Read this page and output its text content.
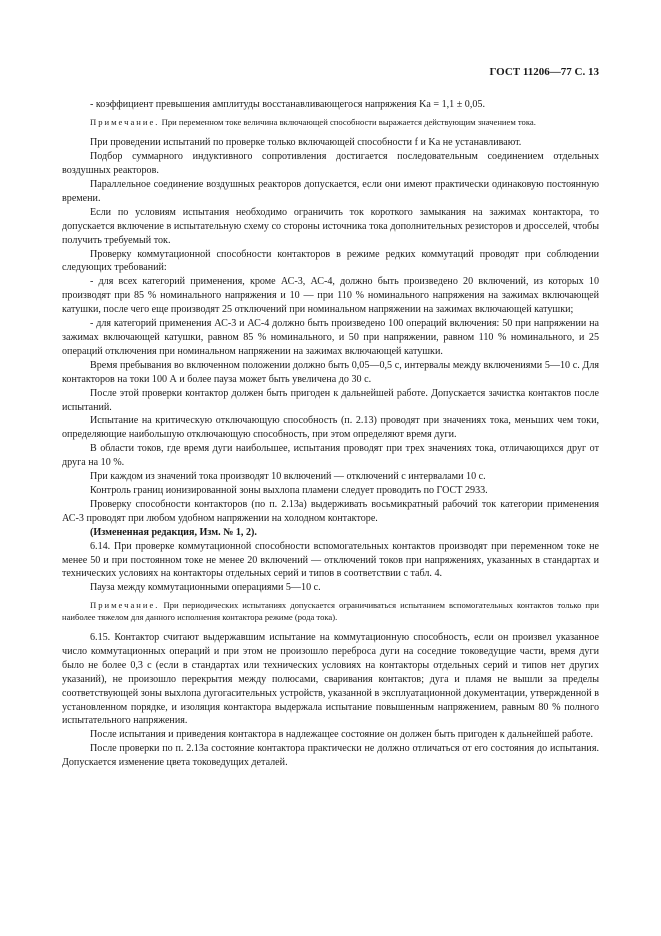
ГОСТ 11206—77 С. 13

- коэффициент превышения амплитуды восстанавливающегося напряжения Ka = 1,1 ± 0,05.

Примечание. При переменном токе величина включающей способности выражается действующим значением тока.

При проведении испытаний по проверке только включающей способности f и Ka не устанавливают.

Подбор суммарного индуктивного сопротивления достигается последовательным соединением отдельных воздушных реакторов.

Параллельное соединение воздушных реакторов допускается, если они имеют практически одинаковую постоянную времени.

Если по условиям испытания необходимо ограничить ток короткого замыкания на зажимах контактора, то допускается включение в испытательную схему со стороны источника тока дополнительных резисторов и дросселей, чтобы получить требуемый ток.

Проверку коммутационной способности контакторов в режиме редких коммутаций проводят при соблюдении следующих требований:

- для всех категорий применения, кроме АС-3, АС-4, должно быть произведено 20 включений, из которых 10 производят при 85 % номинального напряжения и 10 — при 110 % номинального напряжения на зажимах включающей катушки, после чего еще производят 25 отключений при номинальном напряжении на зажимах включающей катушки;

- для категорий применения АС-3 и АС-4 должно быть произведено 100 операций включения: 50 при напряжении на зажимах включающей катушки, равном 85 % номинального, и 50 при напряжении, равном 110 % номинального, и 25 операций отключения при номинальном напряжении на зажимах включающей катушки.

Время пребывания во включенном положении должно быть 0,05—0,5 с, интервалы между включениями 5—10 с. Для контакторов на токи 100 А и более пауза может быть увеличена до 30 с.

После этой проверки контактор должен быть пригоден к дальнейшей работе. Допускается зачистка контактов после испытаний.

Испытание на критическую отключающую способность (п. 2.13) проводят при значениях тока, меньших чем токи, определяющие наибольшую отключающую способность, при этом определяют время дуги.

В области токов, где время дуги наибольшее, испытания проводят при трех значениях тока, отличающихся друг от друга на 10 %.

При каждом из значений тока производят 10 включений — отключений с интервалами 10 с.

Контроль границ ионизированной зоны выхлопа пламени следует проводить по ГОСТ 2933.

Проверку способности контакторов (по п. 2.13а) выдерживать восьмикратный рабочий ток категории применения АС-3 проводят при любом удобном напряжении на холодном контакторе.

(Измененная редакция, Изм. № 1, 2).

6.14. При проверке коммутационной способности вспомогательных контактов производят при переменном токе не менее 50 и при постоянном токе не менее 20 включений — отключений токов при напряжениях, указанных в стандартах и технических условиях на контакторы отдельных серий и типов в соответствии с табл. 4.

Пауза между коммутационными операциями 5—10 с.

Примечание. При периодических испытаниях допускается ограничиваться испытанием вспомогательных контактов только при наиболее тяжелом для данного исполнения контактора режиме (рода тока).

6.15. Контактор считают выдержавшим испытание на коммутационную способность, если он произвел указанное число коммутационных операций и при этом не произошло переброса дуги на соседние токоведущие части, время дуги было не более 0,3 с (если в стандартах или технических условиях на контакторы отдельных серий и типов нет других указаний), не произошло перекрытия между полюсами, сваривания контактов; дуга и пламя не вышли за пределы соответствующей зоны выхлопа дугогасительных устройств, указанной в эксплуатационной документации, утвержденной в установленном порядке, и изоляция контактора выдержала испытание повышенным напряжением, равным 80 % полного испытательного напряжения.

После испытания и приведения контактора в надлежащее состояние он должен быть пригоден к дальнейшей работе.

После проверки по п. 2.13а состояние контактора практически не должно отличаться от его состояния до испытания. Допускается изменение цвета токоведущих деталей.
